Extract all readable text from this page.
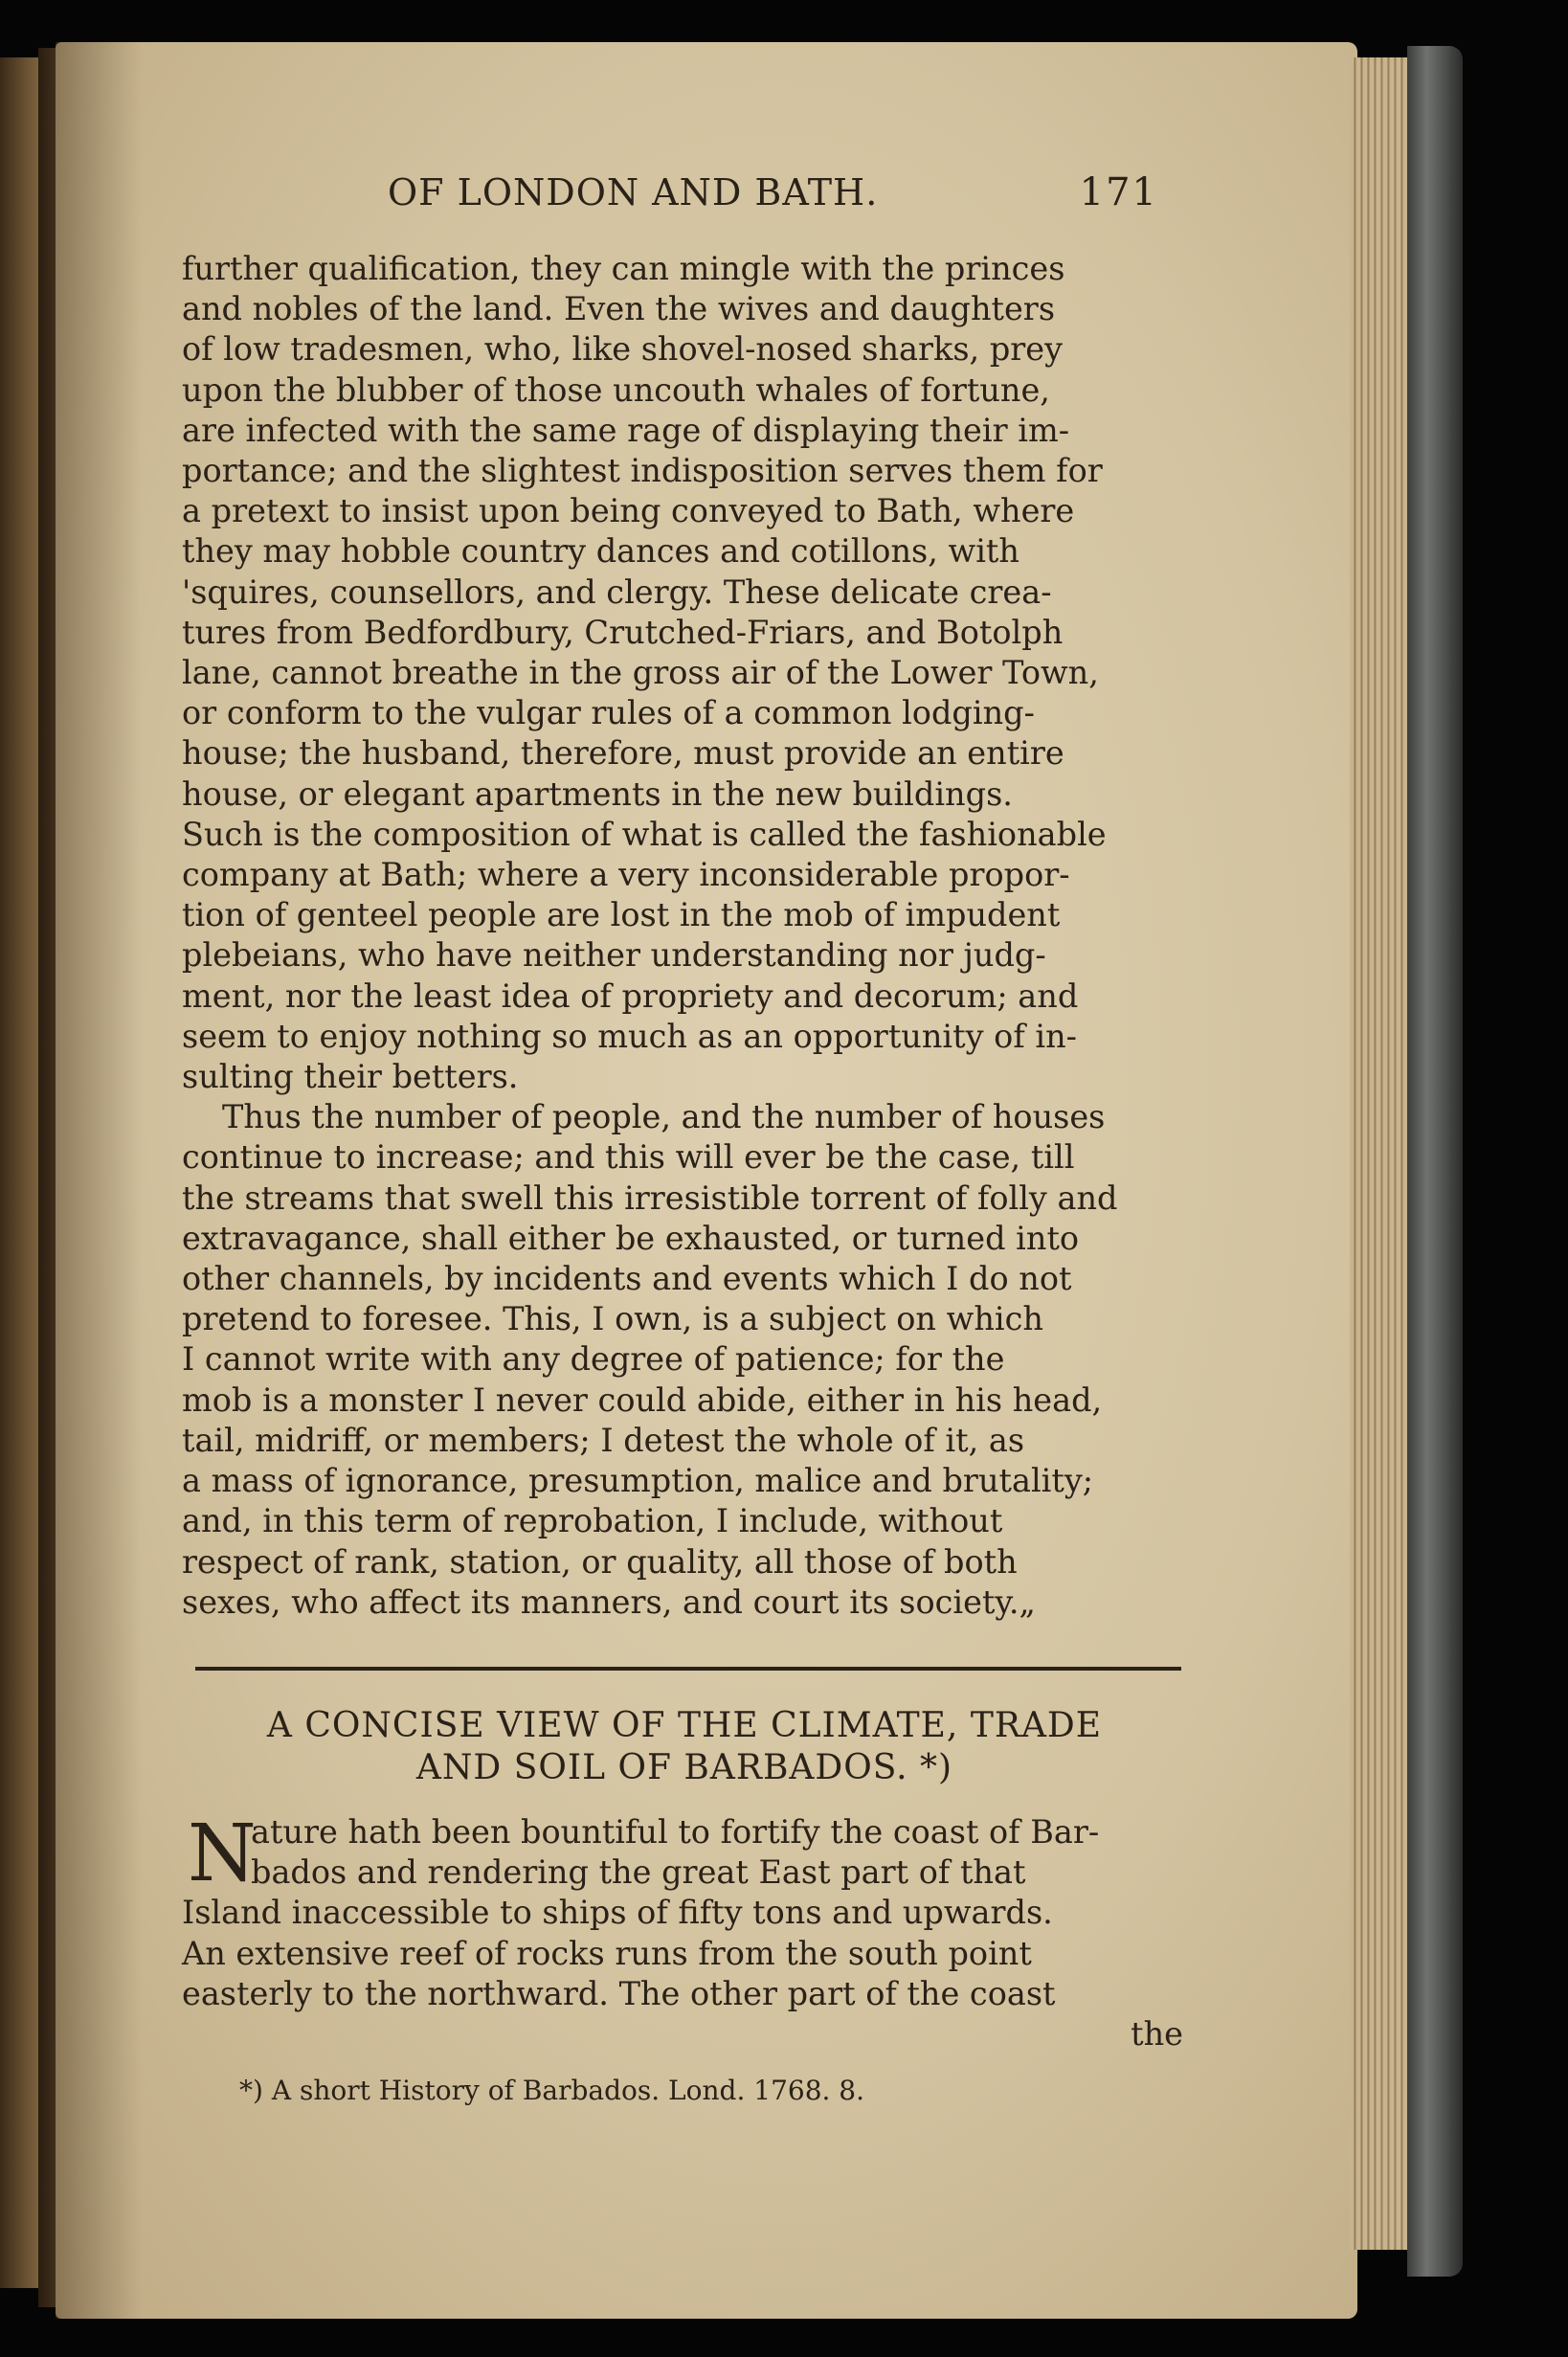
OF LONDON AND BATH.	171
further qualification, they can mingle with the princes
and nobles of the land. Even the wives and daughters
of low tradesmen, who, like shovel-nosed sharks, prey
upon the blubber of those uncouth whales of fortune,
are infected with the same rage of displaying their im-
portance; and the slightest indisposition serves them for
a pretext to insist upon being conveyed to Bath, where
they may hobble country dances and cotillons, with
'squires, counsellors, and clergy. These delicate crea-
tures from Bedfordbury, Crutched-Friars, and Botolph
lane, cannot breathe in the gross air of the Lower Town,
or conform to the vulgar rules of a common lodging-
house; the husband, therefore, must provide an entire
house, or elegant apartments in the new buildings.
Such is the composition of what is called the fashionable
company at Bath; where a very inconsiderable propor-
tion of genteel people are lost in the mob of impudent
plebeians, who have neither understanding nor judg-
ment, nor the least idea of propriety and decorum; and
seem to enjoy nothing so much as an opportunity of in-
sulting their betters.
Thus the number of people, and the number of houses
continue to increase; and this will ever be the case, till
the streams that swell this irresistible torrent of folly and
extravagance, shall either be exhausted, or turned into
other channels, by incidents and events which I do not
pretend to foresee. This, I own, is a subject on which
I cannot write with any degree of patience; for the
mob is a monster I never could abide, either in his head,
tail, midriff, or members; I detest the whole of it, as
a mass of ignorance, presumption, malice and brutality;
and, in this term of reprobation, I include, without
respect of rank, station, or quality, all those of both
sexes, who affect its manners, and court its society.„
A CONCISE VIEW OF THE CLIMATE, TRADE
AND SOIL OF BARBADOS. *)
N
ature hath been bountiful to fortify the coast of Bar-
bados and rendering the great East part of that
Island inaccessible to ships of fifty tons and upwards.
An extensive reef of rocks runs from the south point
easterly to the northward. The other part of the coast
the
*) A short History of Barbados. Lond. 1768. 8.
